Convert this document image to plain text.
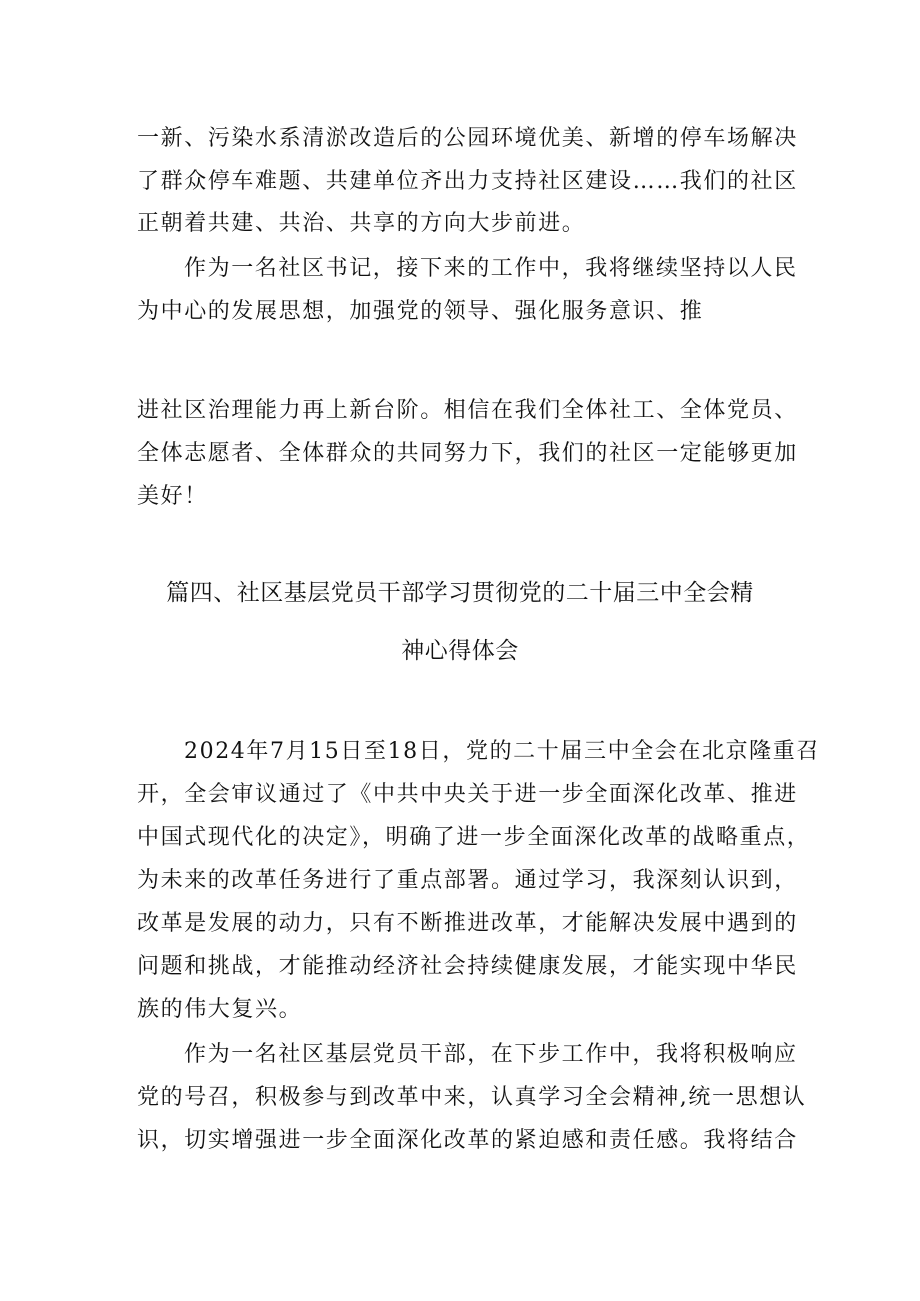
一新、污染水系清淤改造后的公园环境优美、新增的停车场解决
了群众停车难题、共建单位齐出力支持社区建设……我们的社区
正朝着共建、共治、共享的方向大步前进。
作为一名社区书记，接下来的工作中，我将继续坚持以人民
为中心的发展思想，加强党的领导、强化服务意识、推
进社区治理能力再上新台阶。相信在我们全体社工、全体党员、
全体志愿者、全体群众的共同努力下，我们的社区一定能够更加
美好！
篇四、社区基层党员干部学习贯彻党的二十届三中全会精
神心得体会
2024年7月15日至18日，党的二十届三中全会在北京隆重召
开，全会审议通过了《中共中央关于进一步全面深化改革、推进
中国式现代化的决定》，明确了进一步全面深化改革的战略重点，
为未来的改革任务进行了重点部署。通过学习，我深刻认识到，
改革是发展的动力，只有不断推进改革，才能解决发展中遇到的
问题和挑战，才能推动经济社会持续健康发展，才能实现中华民
族的伟大复兴。
作为一名社区基层党员干部，在下步工作中，我将积极响应
党的号召，积极参与到改革中来，认真学习全会精神,统一思想认
识，切实增强进一步全面深化改革的紧迫感和责任感。我将结合
